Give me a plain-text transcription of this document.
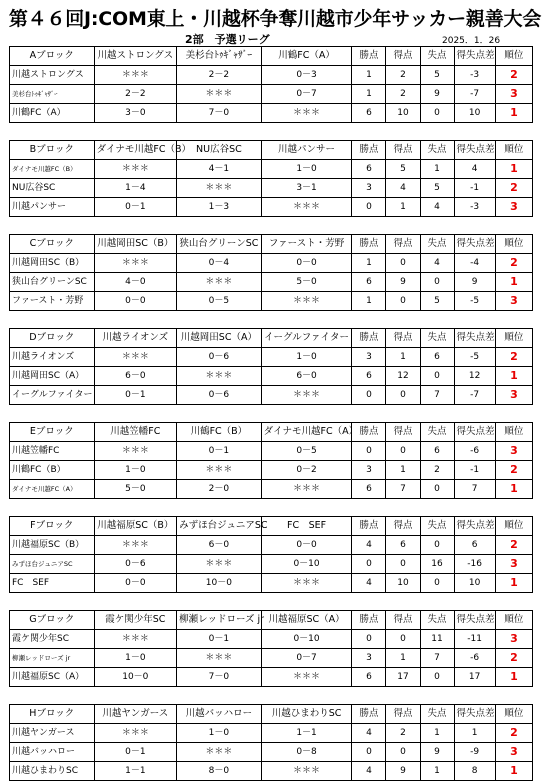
第４６回J:COM東上・川越杯争奪川越市少年サッカー親善大会
2部　予選リーグ	2025．1．26
Aブロック	川越ストロングス	美杉台ﾄｩｷﾞｬｻﾞｰ	川鶴FC（A）	勝点	得点	失点	得失点差	順位
川越ストロングス	＊＊＊	2－2	0－3	1	2	5	-3	2
美杉台ﾄｩｷﾞｬｻﾞｰ	2－2	＊＊＊	0－7	1	2	9	-7	3
川鶴FC（A）	3－0	7－0	＊＊＊	6	10	0	10	1
Bブロック	ダイナモ川越FC（B）	NU広谷SC	川越パンサー	勝点	得点	失点	得失点差	順位
ダイナモ川越FC（B）	＊＊＊	4－1	1－0	6	5	1	4	1
NU広谷SC	1－4	＊＊＊	3－1	3	4	5	-1	2
川越パンサー	0－1	1－3	＊＊＊	0	1	4	-3	3
Cブロック	川越岡田SC（B）	狭山台グリーンSC	ファースト・芳野	勝点	得点	失点	得失点差	順位
川越岡田SC（B）	＊＊＊	0－4	0－0	1	0	4	-4	2
狭山台グリーンSC	4－0	＊＊＊	5－0	6	9	0	9	1
ファースト・芳野	0－0	0－5	＊＊＊	1	0	5	-5	3
Dブロック	川越ライオンズ	川越岡田SC（A）	イーグルファイター	勝点	得点	失点	得失点差	順位
川越ライオンズ	＊＊＊	0－6	1－0	3	1	6	-5	2
川越岡田SC（A）	6－0	＊＊＊	6－0	6	12	0	12	1
イーグルファイター	0－1	0－6	＊＊＊	0	0	7	-7	3
Eブロック	川越笠幡FC	川鶴FC（B）	ダイナモ川越FC（A）	勝点	得点	失点	得失点差	順位
川越笠幡FC	＊＊＊	0－1	0－5	0	0	6	-6	3
川鶴FC（B）	1－0	＊＊＊	0－2	3	1	2	-1	2
ダイナモ川越FC（A）	5－0	2－0	＊＊＊	6	7	0	7	1
Fブロック	川越福原SC（B）	みずほ台ジュニアSC	FC　SEF	勝点	得点	失点	得失点差	順位
川越福原SC（B）	＊＊＊	6－0	0－0	4	6	0	6	2
みずほ台ジュニアSC	0－6	＊＊＊	0－10	0	0	16	-16	3
FC　SEF	0－0	10－0	＊＊＊	4	10	0	10	1
Gブロック	霞ケ関少年SC	柳瀬レッドローズ jr	川越福原SC（A）	勝点	得点	失点	得失点差	順位
霞ケ関少年SC	＊＊＊	0－1	0－10	0	0	11	-11	3
柳瀬レッドローズ jr	1－0	＊＊＊	0－7	3	1	7	-6	2
川越福原SC（A）	10－0	7－0	＊＊＊	6	17	0	17	1
Hブロック	川越ヤンガース	川越バッハロー	川越ひまわりSC	勝点	得点	失点	得失点差	順位
川越ヤンガース	＊＊＊	1－0	1－1	4	2	1	1	2
川越バッハロー	0－1	＊＊＊	0－8	0	0	9	-9	3
川越ひまわりSC	1－1	8－0	＊＊＊	4	9	1	8	1
